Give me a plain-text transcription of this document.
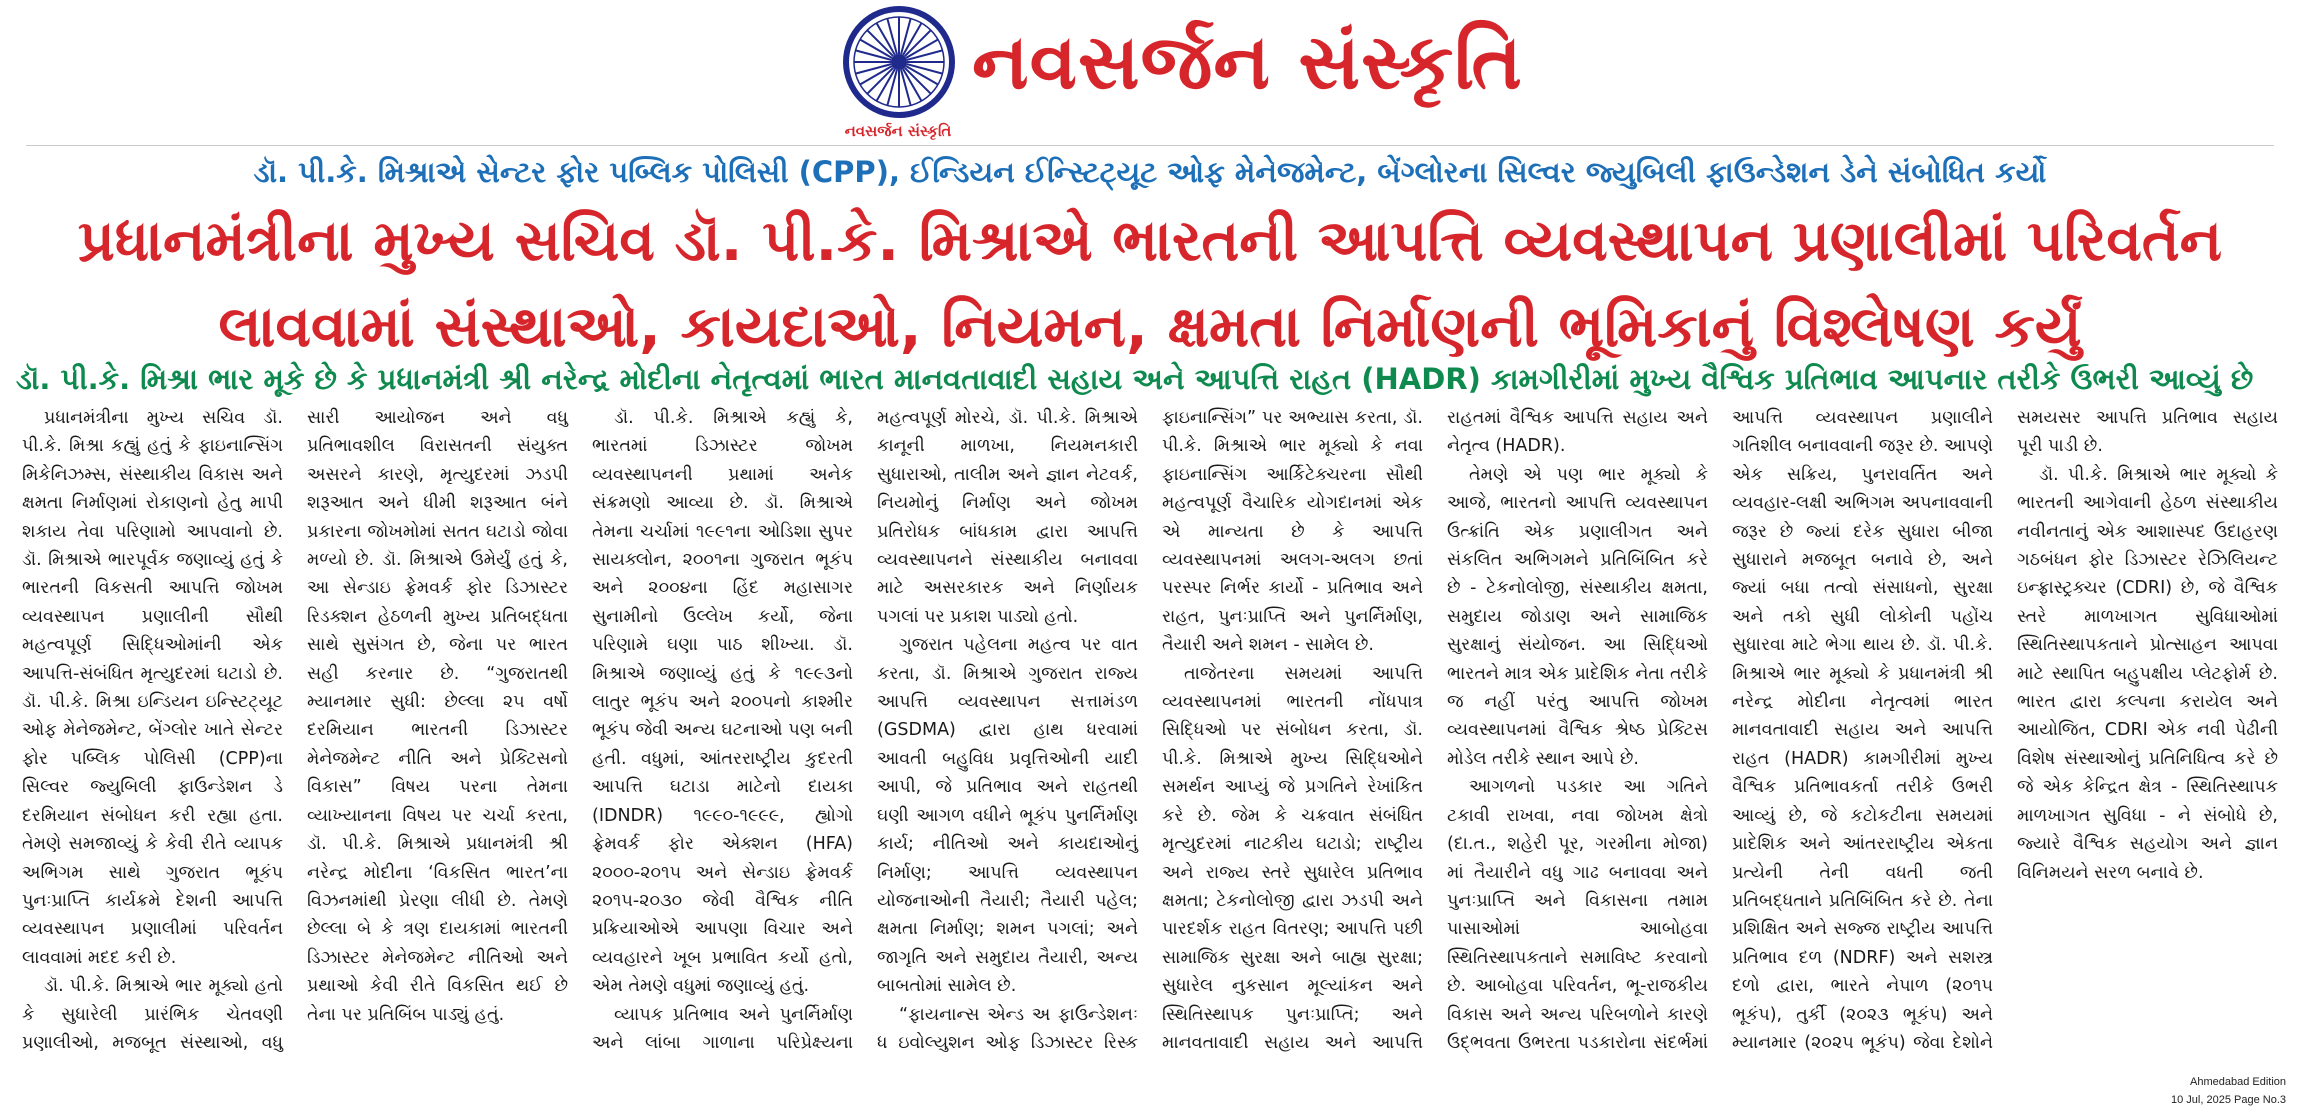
નવસર્જન સંસ્કૃતિ
નવસર્જન સંસ્કૃતિ
ડૉ. પી.કે. મિશ્રાએ સેન્ટર ફોર પબ્લિક પોલિસી (CPP), ઈન્ડિયન ઈન્સ્ટિટ્યૂટ ઓફ મેનેજમેન્ટ, બેંગ્લોરના સિલ્વર જ્યુબિલી ફાઉન્ડેશન ડેને સંબોધિત કર્યો
પ્રધાનમંત્રીના મુખ્ય સચિવ ડૉ. પી.કે. મિશ્રાએ ભારતની આપત્તિ વ્યવસ્થાપન પ્રણાલીમાં પરિવર્તન લાવવામાં સંસ્થાઓ, કાયદાઓ, નિયમન, ક્ષમતા નિર્માણની ભૂમિકાનું વિશ્લેષણ કર્યું
ડૉ. પી.કે. મિશ્રા ભાર મૂકે છે કે પ્રધાનમંત્રી શ્રી નરેન્દ્ર મોદીના નેતૃત્વમાં ભારત માનવતાવાદી સહાય અને આપત્તિ રાહત (HADR) કામગીરીમાં મુખ્ય વૈશ્વિક પ્રતિભાવ આપનાર તરીકે ઉભરી આવ્યું છે

પ્રધાનમંત્રીના મુખ્ય સચિવ ડૉ. પી.કે. મિશ્રા કહ્યું હતું કે ફાઇનાન્સિંગ મિકેનિઝમ્સ, સંસ્થાકીય વિકાસ અને ક્ષમતા નિર્માણમાં રોકાણનો હેતુ માપી શકાય તેવા પરિણામો આપવાનો છે. ડૉ. મિશ્રાએ ભારપૂર્વક જણાવ્યું હતું કે ભારતની વિકસતી આપત્તિ જોખમ વ્યવસ્થાપન પ્રણાલીની સૌથી મહત્વપૂર્ણ સિદ્ધિઓમાંની એક આપત્તિ-સંબંધિત મૃત્યુદરમાં ઘટાડો છે. ડૉ. પી.કે. મિશ્રા ઇન્ડિયન ઇન્સ્ટિટ્યૂટ ઓફ મેનેજમેન્ટ, બેંગ્લોર ખાતે સેન્ટર ફોર પબ્લિક પોલિસી (CPP)ના સિલ્વર જ્યુબિલી ફાઉન્ડેશન ડે દરમિયાન સંબોધન કરી રહ્યા હતા. તેમણે સમજાવ્યું કે કેવી રીતે વ્યાપક અભિગમ સાથે ગુજરાત ભૂકંપ પુનઃપ્રાપ્તિ કાર્યક્રમે દેશની આપત્તિ વ્યવસ્થાપન પ્રણાલીમાં પરિવર્તન લાવવામાં મદદ કરી છે.

ડૉ. પી.કે. મિશ્રાએ ભાર મૂક્યો હતો કે સુધારેલી પ્રારંભિક ચેતવણી પ્રણાલીઓ, મજબૂત સંસ્થાઓ, વધુ સારી આયોજન અને વધુ પ્રતિભાવશીલ વિરાસતની સંયુક્ત અસરને કારણે, મૃત્યુદરમાં ઝડપી શરૂઆત અને ધીમી શરૂઆત બંને પ્રકારના જોખમોમાં સતત ઘટાડો જોવા મળ્યો છે. ડૉ. મિશ્રાએ ઉમેર્યું હતું કે, આ સેન્ડાઇ ફ્રેમવર્ક ફોર ડિઝાસ્ટર રિડક્શન હેઠળની મુખ્ય પ્રતિબદ્ધતા સાથે સુસંગત છે, જેના પર ભારત સહી કરનાર છે. “ગુજરાતથી મ્યાનમાર સુધી: છેલ્લા ૨૫ વર્ષો દરમિયાન ભારતની ડિઝાસ્ટર મેનેજમેન્ટ નીતિ અને પ્રેક્ટિસનો વિકાસ” વિષય પરના તેમના વ્યાખ્યાનના વિષય પર ચર્ચા કરતા, ડૉ. પી.કે. મિશ્રાએ પ્રધાનમંત્રી શ્રી નરેન્દ્ર મોદીના ‘વિકસિત ભારત’ના વિઝનમાંથી પ્રેરણા લીધી છે. તેમણે છેલ્લા બે કે ત્રણ દાયકામાં ભારતની ડિઝાસ્ટર મેનેજમેન્ટ નીતિઓ અને પ્રથાઓ કેવી રીતે વિકસિત થઈ છે તેના પર પ્રતિબિંબ પાડ્યું હતું.

ડૉ. પી.કે. મિશ્રાએ કહ્યું કે, ભારતમાં ડિઝાસ્ટર જોખમ વ્યવસ્થાપનની પ્રથામાં અનેક સંક્રમણો આવ્યા છે. ડૉ. મિશ્રાએ તેમના ચર્ચામાં ૧૯૯૧ના ઓડિશા સુપર સાયક્લોન, ૨૦૦૧ના ગુજરાત ભૂકંપ અને ૨૦૦૪ના હિંદ મહાસાગર સુનામીનો ઉલ્લેખ કર્યો, જેના પરિણામે ઘણા પાઠ શીખ્યા. ડૉ. મિશ્રાએ જણાવ્યું હતું કે ૧૯૯૩નો લાતુર ભૂકંપ અને ૨૦૦૫નો કાશ્મીર ભૂકંપ જેવી અન્ય ઘટનાઓ પણ બની હતી. વધુમાં, આંતરરાષ્ટ્રીય કુદરતી આપત્તિ ઘટાડા માટેનો દાયકા (IDNDR) ૧૯૯૦-૧૯૯૯, હ્યોગો ફ્રેમવર્ક ફોર એક્શન (HFA) ૨૦૦૦-૨૦૧૫ અને સેન્ડાઇ ફ્રેમવર્ક ૨૦૧૫-૨૦૩૦ જેવી વૈશ્વિક નીતિ પ્રક્રિયાઓએ આપણા વિચાર અને વ્યવહારને ખૂબ પ્રભાવિત કર્યો હતો, એમ તેમણે વધુમાં જણાવ્યું હતું.

વ્યાપક પ્રતિભાવ અને પુનર્નિર્માણ અને લાંબા ગાળાના પરિપ્રેક્ષ્યના મહત્વપૂર્ણ મોરચે, ડૉ. પી.કે. મિશ્રાએ કાનૂની માળખા, નિયમનકારી સુધારાઓ, તાલીમ અને જ્ઞાન નેટવર્ક, નિયમોનું નિર્માણ અને જોખમ પ્રતિરોધક બાંધકામ દ્વારા આપત્તિ વ્યવસ્થાપનને સંસ્થાકીય બનાવવા માટે અસરકારક અને નિર્ણાયક પગલાં પર પ્રકાશ પાડ્યો હતો.

ગુજરાત પહેલના મહત્વ પર વાત કરતા, ડૉ. મિશ્રાએ ગુજરાત રાજ્ય આપત્તિ વ્યવસ્થાપન સત્તામંડળ (GSDMA) દ્વારા હાથ ધરવામાં આવતી બહુવિધ પ્રવૃત્તિઓની યાદી આપી, જે પ્રતિભાવ અને રાહતથી ઘણી આગળ વધીને ભૂકંપ પુનર્નિર્માણ કાર્ય; નીતિઓ અને કાયદાઓનું નિર્માણ; આપત્તિ વ્યવસ્થાપન યોજનાઓની તૈયારી; તૈયારી પહેલ; ક્ષમતા નિર્માણ; શમન પગલાં; અને જાગૃતિ અને સમુદાય તૈયારી, અન્ય બાબતોમાં સામેલ છે.

“ફાયનાન્સ એન્ડ અ ફાઉન્ડેશનઃ ધ ઇવોલ્યુશન ઓફ ડિઝાસ્ટર રિસ્ક ફાઇનાન્સિંગ” પર અભ્યાસ કરતા, ડૉ. પી.કે. મિશ્રાએ ભાર મૂક્યો કે નવા ફાઇનાન્સિંગ આર્કિટેક્ચરના સૌથી મહત્વપૂર્ણ વૈચારિક યોગદાનમાં એક એ માન્યતા છે કે આપત્તિ વ્યવસ્થાપનમાં અલગ-અલગ છતાં પરસ્પર નિર્ભર કાર્યો - પ્રતિભાવ અને રાહત, પુનઃપ્રાપ્તિ અને પુનર્નિર્માણ, તૈયારી અને શમન - સામેલ છે.

તાજેતરના સમયમાં આપત્તિ વ્યવસ્થાપનમાં ભારતની નોંધપાત્ર સિદ્ધિઓ પર સંબોધન કરતા, ડૉ. પી.કે. મિશ્રાએ મુખ્ય સિદ્ધિઓને સમર્થન આપ્યું જે પ્રગતિને રેખાંકિત કરે છે. જેમ કે ચક્રવાત સંબંધિત મૃત્યુદરમાં નાટકીય ઘટાડો; રાષ્ટ્રીય અને રાજ્ય સ્તરે સુધારેલ પ્રતિભાવ ક્ષમતા; ટેકનોલોજી દ્વારા ઝડપી અને પારદર્શક રાહત વિતરણ; આપત્તિ પછી સામાજિક સુરક્ષા અને બાહ્ય સુરક્ષા; સુધારેલ નુકસાન મૂલ્યાંકન અને સ્થિતિસ્થાપક પુનઃપ્રાપ્તિ; અને માનવતાવાદી સહાય અને આપત્તિ રાહતમાં વૈશ્વિક આપત્તિ સહાય અને નેતૃત્વ (HADR).

તેમણે એ પણ ભાર મૂક્યો કે આજે, ભારતનો આપત્તિ વ્યવસ્થાપન ઉત્ક્રાંતિ એક પ્રણાલીગત અને સંકલિત અભિગમને પ્રતિબિંબિત કરે છે - ટેકનોલોજી, સંસ્થાકીય ક્ષમતા, સમુદાય જોડાણ અને સામાજિક સુરક્ષાનું સંયોજન. આ સિદ્ધિઓ ભારતને માત્ર એક પ્રાદેશિક નેતા તરીકે જ નહીં પરંતુ આપત્તિ જોખમ વ્યવસ્થાપનમાં વૈશ્વિક શ્રેષ્ઠ પ્રેક્ટિસ મોડેલ તરીકે સ્થાન આપે છે.

આગળનો પડકાર આ ગતિને ટકાવી રાખવા, નવા જોખમ ક્ષેત્રો (દા.ત., શહેરી પૂર, ગરમીના મોજા) માં તૈયારીને વધુ ગાઢ બનાવવા અને પુનઃપ્રાપ્તિ અને વિકાસના તમામ પાસાઓમાં આબોહવા સ્થિતિસ્થાપકતાને સમાવિષ્ટ કરવાનો છે. આબોહવા પરિવર્તન, ભૂ-રાજકીય વિકાસ અને અન્ય પરિબળોને કારણે ઉદ્ભવતા ઉભરતા પડકારોના સંદર્ભમાં આપત્તિ વ્યવસ્થાપન પ્રણાલીને ગતિશીલ બનાવવાની જરૂર છે. આપણે એક સક્રિય, પુનરાવર્તિત અને વ્યવહાર-લક્ષી અભિગમ અપનાવવાની જરૂર છે જ્યાં દરેક સુધારા બીજા સુધારાને મજબૂત બનાવે છે, અને જ્યાં બધા તત્વો સંસાધનો, સુરક્ષા અને તકો સુધી લોકોની પહોંચ સુધારવા માટે ભેગા થાય છે. ડૉ. પી.કે. મિશ્રાએ ભાર મૂક્યો કે પ્રધાનમંત્રી શ્રી નરેન્દ્ર મોદીના નેતૃત્વમાં ભારત માનવતાવાદી સહાય અને આપત્તિ રાહત (HADR) કામગીરીમાં મુખ્ય વૈશ્વિક પ્રતિભાવકર્તા તરીકે ઉભરી આવ્યું છે, જે કટોકટીના સમયમાં પ્રાદેશિક અને આંતરરાષ્ટ્રીય એકતા પ્રત્યેની તેની વધતી જતી પ્રતિબદ્ધતાને પ્રતિબિંબિત કરે છે. તેના પ્રશિક્ષિત અને સજ્જ રાષ્ટ્રીય આપત્તિ પ્રતિભાવ દળ (NDRF) અને સશસ્ત્ર દળો દ્વારા, ભારતે નેપાળ (૨૦૧૫ ભૂકંપ), તુર્કી (૨૦૨૩ ભૂકંપ) અને મ્યાનમાર (૨૦૨૫ ભૂકંપ) જેવા દેશોને સમયસર આપત્તિ પ્રતિભાવ સહાય પૂરી પાડી છે.

ડૉ. પી.કે. મિશ્રાએ ભાર મૂક્યો કે ભારતની આગેવાની હેઠળ સંસ્થાકીય નવીનતાનું એક આશાસ્પદ ઉદાહરણ ગઠબંધન ફોર ડિઝાસ્ટર રેઝિલિયન્ટ ઇન્ફ્રાસ્ટ્રક્ચર (CDRI) છે, જે વૈશ્વિક સ્તરે માળખાગત સુવિધાઓમાં સ્થિતિસ્થાપકતાને પ્રોત્સાહન આપવા માટે સ્થાપિત બહુપક્ષીય પ્લેટફોર્મ છે. ભારત દ્વારા કલ્પના કરાયેલ અને આયોજિત, CDRI એક નવી પેઢીની વિશેષ સંસ્થાઓનું પ્રતિનિધિત્વ કરે છે જે એક કેન્દ્રિત ક્ષેત્ર - સ્થિતિસ્થાપક માળખાગત સુવિધા - ને સંબોધે છે, જ્યારે વૈશ્વિક સહયોગ અને જ્ઞાન વિનિમયને સરળ બનાવે છે.

Ahmedabad Edition
10 Jul, 2025 Page No.3
